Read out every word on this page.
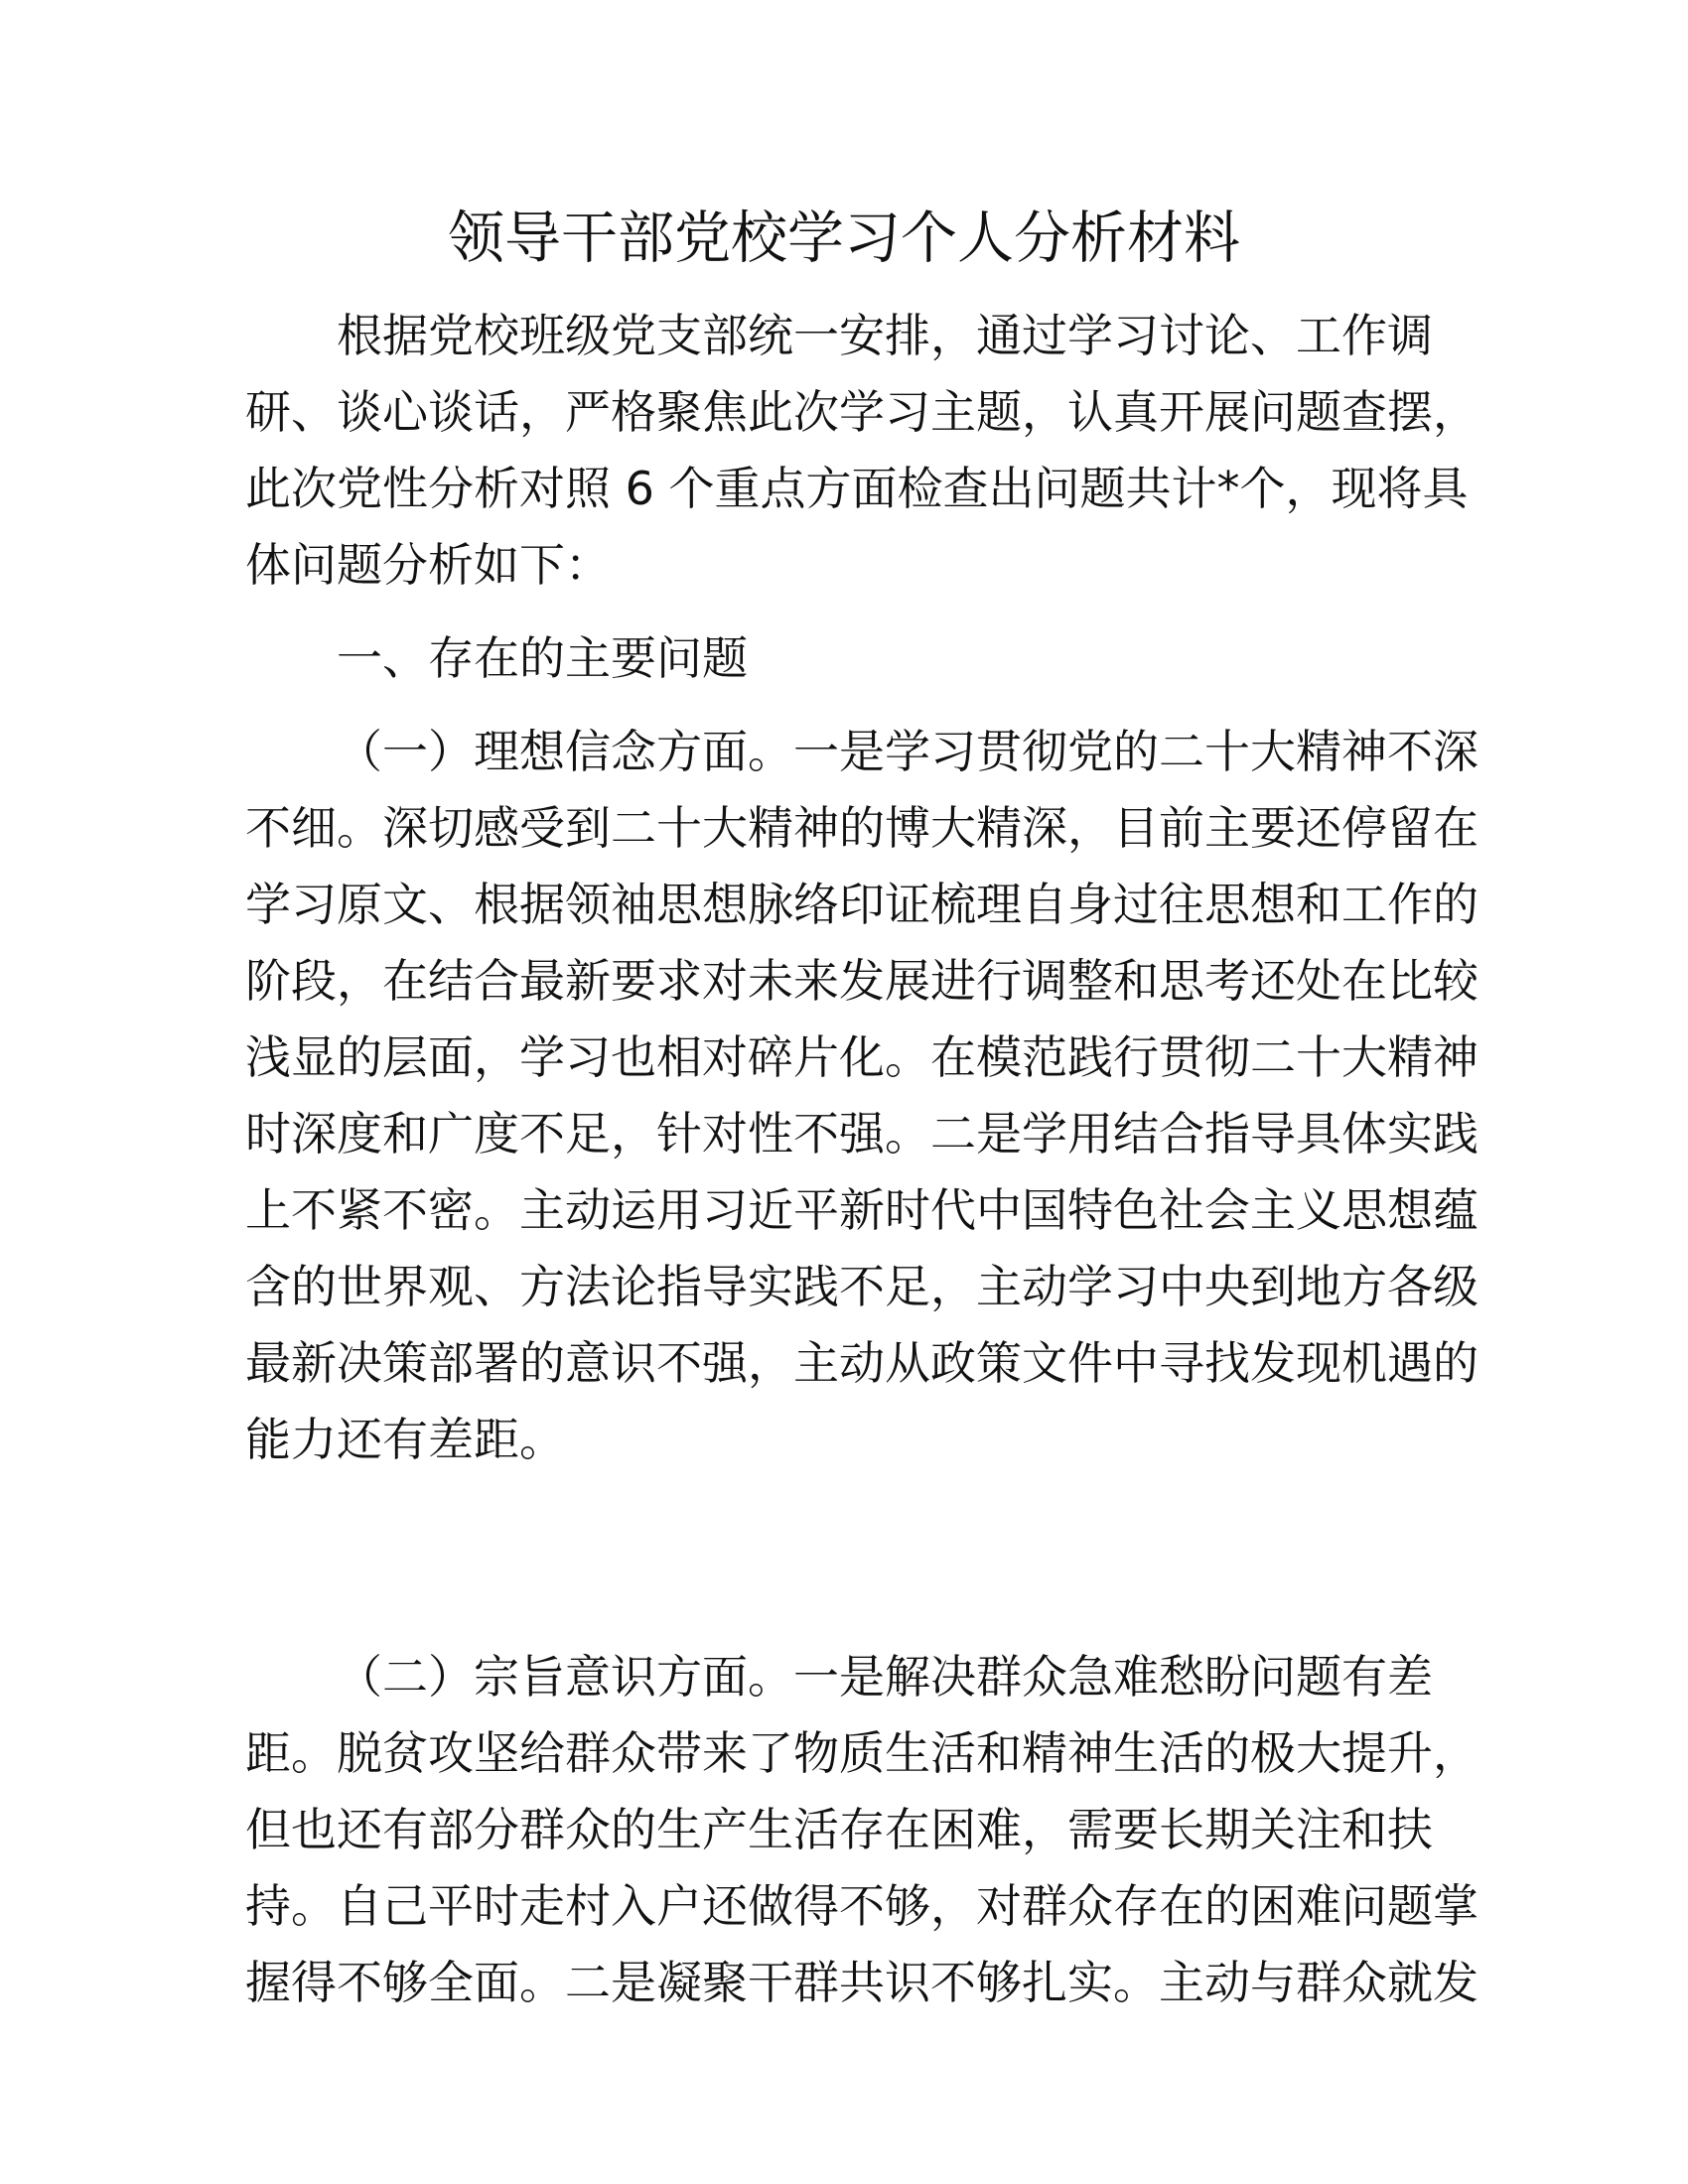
领导干部党校学习个人分析材料
根据党校班级党支部统一安排，通过学习讨论、工作调
研、谈心谈话，严格聚焦此次学习主题，认真开展问题查摆，
此次党性分析对照 6 个重点方面检查出问题共计*个，现将具
体问题分析如下：
一、存在的主要问题
（一）理想信念方面。一是学习贯彻党的二十大精神不深
不细。深切感受到二十大精神的博大精深，目前主要还停留在
学习原文、根据领袖思想脉络印证梳理自身过往思想和工作的
阶段，在结合最新要求对未来发展进行调整和思考还处在比较
浅显的层面，学习也相对碎片化。在模范践行贯彻二十大精神
时深度和广度不足，针对性不强。二是学用结合指导具体实践
上不紧不密。主动运用习近平新时代中国特色社会主义思想蕴
含的世界观、方法论指导实践不足，主动学习中央到地方各级
最新决策部署的意识不强，主动从政策文件中寻找发现机遇的
能力还有差距。
（二）宗旨意识方面。一是解决群众急难愁盼问题有差
距。脱贫攻坚给群众带来了物质生活和精神生活的极大提升，
但也还有部分群众的生产生活存在困难，需要长期关注和扶
持。自己平时走村入户还做得不够，对群众存在的困难问题掌
握得不够全面。二是凝聚干群共识不够扎实。主动与群众就发
